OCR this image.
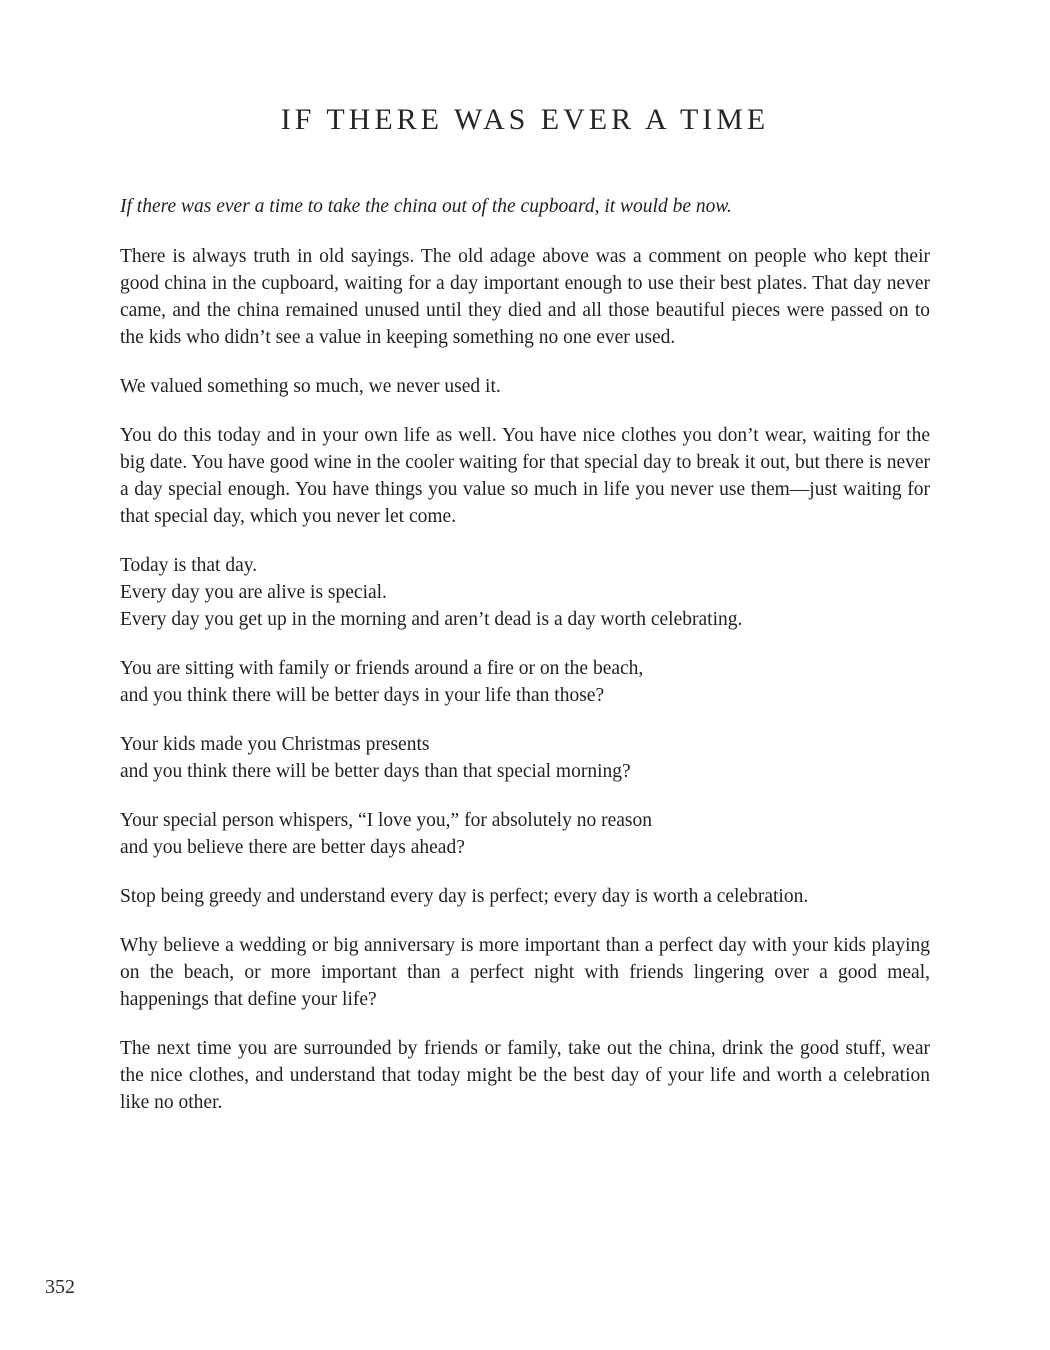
IF THERE WAS EVER A TIME

If there was ever a time to take the china out of the cupboard, it would be now.

There is always truth in old sayings. The old adage above was a comment on people who kept their good china in the cupboard, waiting for a day important enough to use their best plates. That day never came, and the china remained unused until they died and all those beautiful pieces were passed on to the kids who didn’t see a value in keeping something no one ever used.

We valued something so much, we never used it.

You do this today and in your own life as well. You have nice clothes you don’t wear, waiting for the big date. You have good wine in the cooler waiting for that special day to break it out, but there is never a day special enough. You have things you value so much in life you never use them—just waiting for that special day, which you never let come.

Today is that day.
Every day you are alive is special.
Every day you get up in the morning and aren’t dead is a day worth celebrating.

You are sitting with family or friends around a fire or on the beach,
and you think there will be better days in your life than those?

Your kids made you Christmas presents
and you think there will be better days than that special morning?

Your special person whispers, “I love you,” for absolutely no reason
and you believe there are better days ahead?

Stop being greedy and understand every day is perfect; every day is worth a celebration.

Why believe a wedding or big anniversary is more important than a perfect day with your kids playing on the beach, or more important than a perfect night with friends lingering over a good meal, happenings that define your life?

The next time you are surrounded by friends or family, take out the china, drink the good stuff, wear the nice clothes, and understand that today might be the best day of your life and worth a celebration like no other.

352
